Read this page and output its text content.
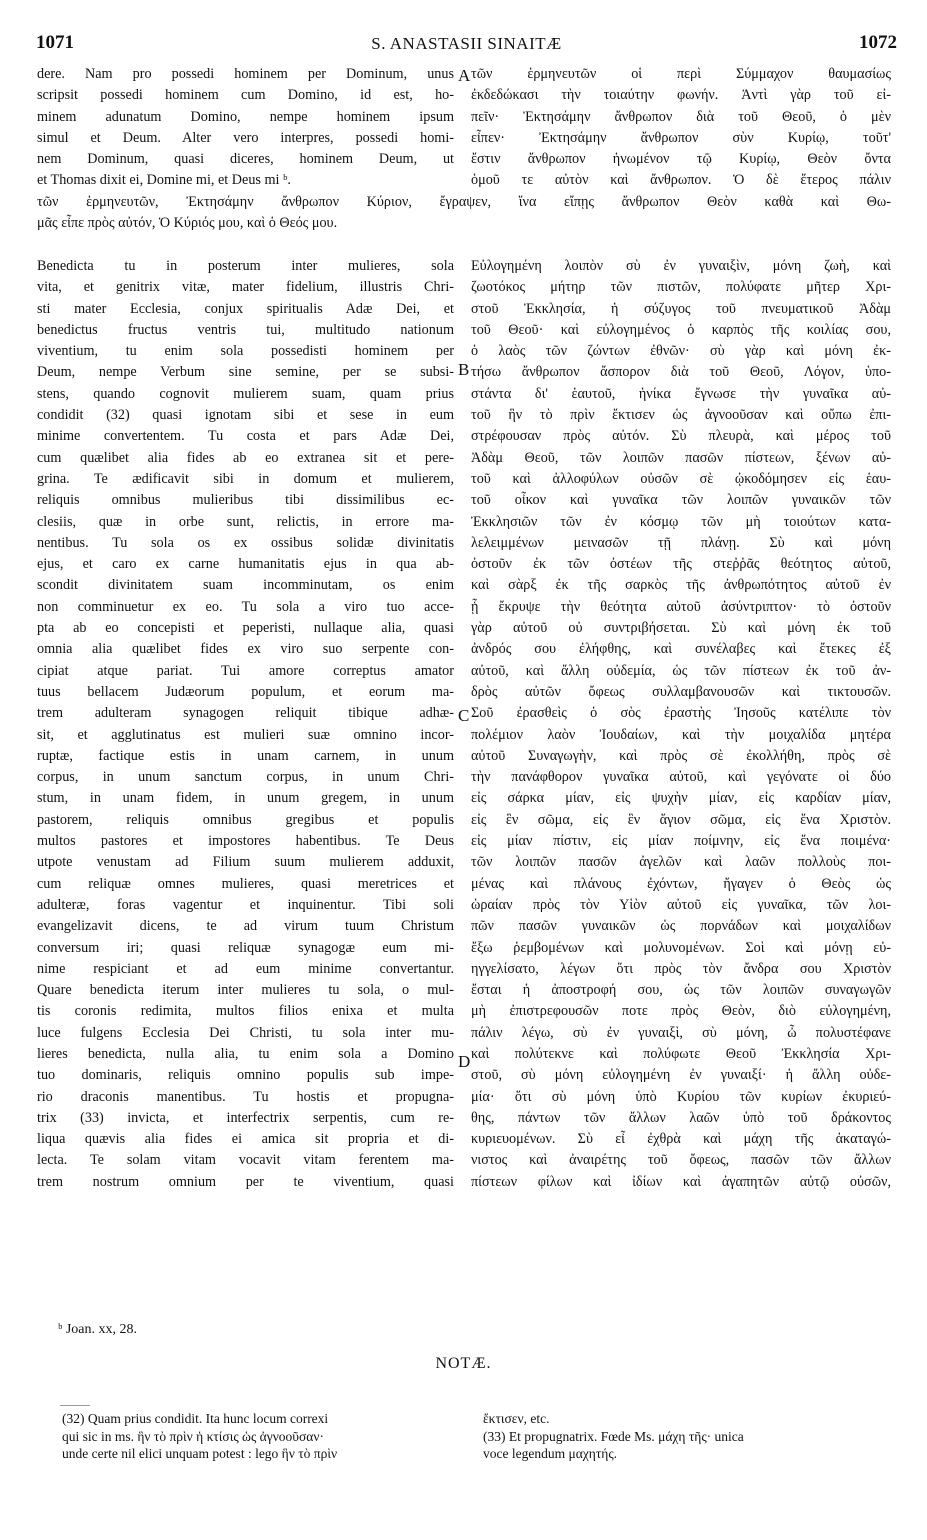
1071	S. ANASTASII SINAITÆ	1072
dere. Nam pro possedi hominem per Dominum, unus
scripsit possedi hominem cum Domino, id est, ho-
minem adunatum Domino, nempe hominem ipsum
simul et Deum. Alter vero interpres, possedi homi-
nem Dominum, quasi diceres, hominem Deum, ut
et Thomas dixit ei, Domine mi, et Deus mi ᵇ.
τῶν ἑρμηνευτῶν οἱ περὶ Σύμμαχον θαυμασίως
ἐκδεδώκασι τὴν τοιαύτην φωνήν. Ἀντὶ γὰρ τοῦ εἰ-
πεῖν· Ἐκτησάμην ἄνθρωπον διὰ τοῦ Θεοῦ, ὁ μὲν
εἶπεν· Ἐκτησάμην ἄνθρωπον σὺν Κυρίῳ, τοῦτ'
ἔστιν ἄνθρωπον ἡνωμένον τῷ Κυρίῳ, Θεὸν ὄντα
ὁμοῦ τε αὐτὸν καὶ ἄνθρωπον. Ὁ δὲ ἕτερος πάλιν
τῶν ἑρμηνευτῶν, Ἐκτησάμην ἄνθρωπον Κύριον, ἔγραψεν, ἵνα εἴπῃς ἄνθρωπον Θεὸν καθὰ καὶ Θω-
μᾶς εἶπε πρὸς αὐτόν, Ὁ Κύριός μου, καὶ ὁ Θεός μου.
Benedicta tu in posterum inter mulieres, sola
vita, et genitrix vitæ, mater fidelium, illustris Chri-
sti mater Ecclesia, conjux spiritualis Adæ Dei, et
benedictus fructus ventris tui, multitudo nationum
viventium, tu enim sola possedisti hominem per
Deum, nempe Verbum sine semine, per se subsi-
stens, quando cognovit mulierem suam, quam prius
condidit (32) quasi ignotam sibi et sese in eum
minime convertentem. Tu costa et pars Adæ Dei,
cum quælibet alia fides ab eo extranea sit et pere-
grina. Te ædificavit sibi in domum et mulierem,
reliquis omnibus mulieribus tibi dissimilibus ec-
clesiis, quæ in orbe sunt, relictis, in errore ma-
nentibus. Tu sola os ex ossibus solidæ divinitatis
ejus, et caro ex carne humanitatis ejus in qua ab-
scondit divinitatem suam incomminutam, os enim
non comminuetur ex eo. Tu sola a viro tuo acce-
pta ab eo concepisti et peperisti, nullaque alia, quasi
omnia alia quælibet fides ex viro suo serpente con-
cipiat atque pariat. Tui amore correptus amator
tuus bellacem Judæorum populum, et eorum ma-
trem adulteram synagogen reliquit tibique adhæ-
sit, et agglutinatus est mulieri suæ omnino incor-
ruptæ, factique estis in unam carnem, in unum
corpus, in unum sanctum corpus, in unum Chri-
stum, in unam fidem, in unum gregem, in unum
pastorem, reliquis omnibus gregibus et populis
multos pastores et impostores habentibus. Te Deus
utpote venustam ad Filium suum mulierem adduxit,
cum reliquæ omnes mulieres, quasi meretrices et
adulteræ, foras vagentur et inquinentur. Tibi soli
evangelizavit dicens, te ad virum tuum Christum
conversum iri; quasi reliquæ synagogæ eum mi-
nime respiciant et ad eum minime convertantur.
Quare benedicta iterum inter mulieres tu sola, o mul-
tis coronis redimita, multos filios enixa et multa
luce fulgens Ecclesia Dei Christi, tu sola inter mu-
lieres benedicta, nulla alia, tu enim sola a Domino
tuo dominaris, reliquis omnino populis sub impe-
rio draconis manentibus. Tu hostis et propugna-
trix (33) invicta, et interfectrix serpentis, cum re-
liqua quævis alia fides ei amica sit propria et di-
lecta. Te solam vitam vocavit vitam ferentem ma-
trem nostrum omnium per te viventium, quasi
Εὐλογημένη λοιπὸν σὺ ἐν γυναιξὶν, μόνη ζωὴ, καὶ
ζωοτόκος μήτηρ τῶν πιστῶν, πολύφατε μῆτερ Χρι-
στοῦ Ἐκκλησία, ἡ σύζυγος τοῦ πνευματικοῦ Ἀδὰμ
τοῦ Θεοῦ· καὶ εὐλογημένος ὁ καρπὸς τῆς κοιλίας σου,
ὁ λαὸς τῶν ζώντων ἐθνῶν· σὺ γὰρ καὶ μόνη ἐκ-
τήσω ἄνθρωπον ἄσπορον διὰ τοῦ Θεοῦ, Λόγον, ὑπο-
στάντα δι' ἑαυτοῦ, ἡνίκα ἔγνωσε τὴν γυναῖκα αὐ-
τοῦ ἣν τὸ πρὶν ἔκτισεν ὡς ἀγνοοῦσαν καὶ οὔπω ἐπι-
στρέφουσαν πρὸς αὐτόν. Σὺ πλευρὰ, καὶ μέρος τοῦ
Ἀδὰμ Θεοῦ, τῶν λοιπῶν πασῶν πίστεων, ξένων αὐ-
τοῦ καὶ ἀλλοφύλων οὐσῶν σὲ ᾠκοδόμησεν εἰς ἑαυ-
τοῦ οἶκον καὶ γυναῖκα τῶν λοιπῶν γυναικῶν τῶν
Ἐκκλησιῶν τῶν ἐν κόσμῳ τῶν μὴ τοιούτων κατα-
λελειμμένων μεινασῶν τῇ πλάνῃ. Σὺ καὶ μόνη
ὀστοῦν ἐκ τῶν ὀστέων τῆς στεῤῥᾶς θεότητος αὐτοῦ,
καὶ σὰρξ ἐκ τῆς σαρκὸς τῆς ἀνθρωπότητος αὐτοῦ ἐν
ᾗ ἔκρυψε τὴν θεότητα αὐτοῦ ἀσύντριπτον· τὸ ὀστοῦν
γὰρ αὐτοῦ οὐ συντριβήσεται. Σὺ καὶ μόνη ἐκ τοῦ
ἀνδρός σου ἐλήφθης, καὶ συνέλαβες καὶ ἔτεκες ἐξ
αὐτοῦ, καὶ ἄλλη οὐδεμία, ὡς τῶν πίστεων ἐκ τοῦ ἀν-
δρὸς αὐτῶν ὄφεως συλλαμβανουσῶν καὶ τικτουσῶν.
Σοῦ ἐρασθεὶς ὁ σὸς ἐραστὴς Ἰησοῦς κατέλιπε τὸν
πολέμιον λαὸν Ἰουδαίων, καὶ τὴν μοιχαλίδα μητέρα
αὐτοῦ Συναγωγὴν, καὶ πρὸς σὲ ἐκολλήθη, πρὸς σὲ
τὴν πανάφθορον γυναῖκα αὐτοῦ, καὶ γεγόνατε οἱ δύο
εἰς σάρκα μίαν, εἰς ψυχὴν μίαν, εἰς καρδίαν μίαν,
εἰς ἓν σῶμα, εἰς ἓν ἅγιον σῶμα, εἰς ἕνα Χριστὸν.
εἰς μίαν πίστιν, εἰς μίαν ποίμνην, εἰς ἕνα ποιμένα·
τῶν λοιπῶν πασῶν ἀγελῶν καὶ λαῶν πολλοὺς ποι-
μένας καὶ πλάνους ἐχόντων, ἤγαγεν ὁ Θεὸς ὡς
ὡραίαν πρὸς τὸν Υἱὸν αὐτοῦ εἰς γυναῖκα, τῶν λοι-
πῶν πασῶν γυναικῶν ὡς πορνάδων καὶ μοιχαλίδων
ἔξω ῥεμβομένων καὶ μολυνομένων. Σοὶ καὶ μόνῃ εὐ-
ηγγελίσατο, λέγων ὅτι πρὸς τὸν ἄνδρα σου Χριστὸν
ἔσται ἡ ἀποστροφή σου, ὡς τῶν λοιπῶν συναγωγῶν
μὴ ἐπιστρεφουσῶν ποτε πρὸς Θεὸν, διὸ εὐλογημένη,
πάλιν λέγω, σὺ ἐν γυναιξὶ, σὺ μόνη, ὦ πολυστέφανε
καὶ πολύτεκνε καὶ πολύφωτε Θεοῦ Ἐκκλησία Χρι-
στοῦ, σὺ μόνη εὐλογημένη ἐν γυναιξί· ἡ ἄλλη οὐδε-
μία· ὅτι σὺ μόνη ὑπὸ Κυρίου τῶν κυρίων ἐκυριεύ-
θης, πάντων τῶν ἄλλων λαῶν ὑπὸ τοῦ δράκοντος
κυριευομένων. Σὺ εἶ ἐχθρὰ καὶ μάχη τῆς ἀκαταγώ-
νιστος καὶ ἀναιρέτης τοῦ ὄφεως, πασῶν τῶν ἄλλων
πίστεων φίλων καὶ ἰδίων καὶ ἀγαπητῶν αὐτῷ οὐσῶν,
A
B
C
D
ᵇ Joan. xx, 28.
NOTÆ.
(32) Quam prius condidit. Ita hunc locum correxi
qui sic in ms. ἣν τὸ πρὶν ἡ κτίσις ὡς ἀγνοοῦσαν·
unde certe nil elici unquam potest : lego ἣν τὸ πρὶν
ἔκτισεν, etc.
(33) Et propugnatrix. Fœde Ms. μάχη τῆς· unica
voce legendum μαχητής.
